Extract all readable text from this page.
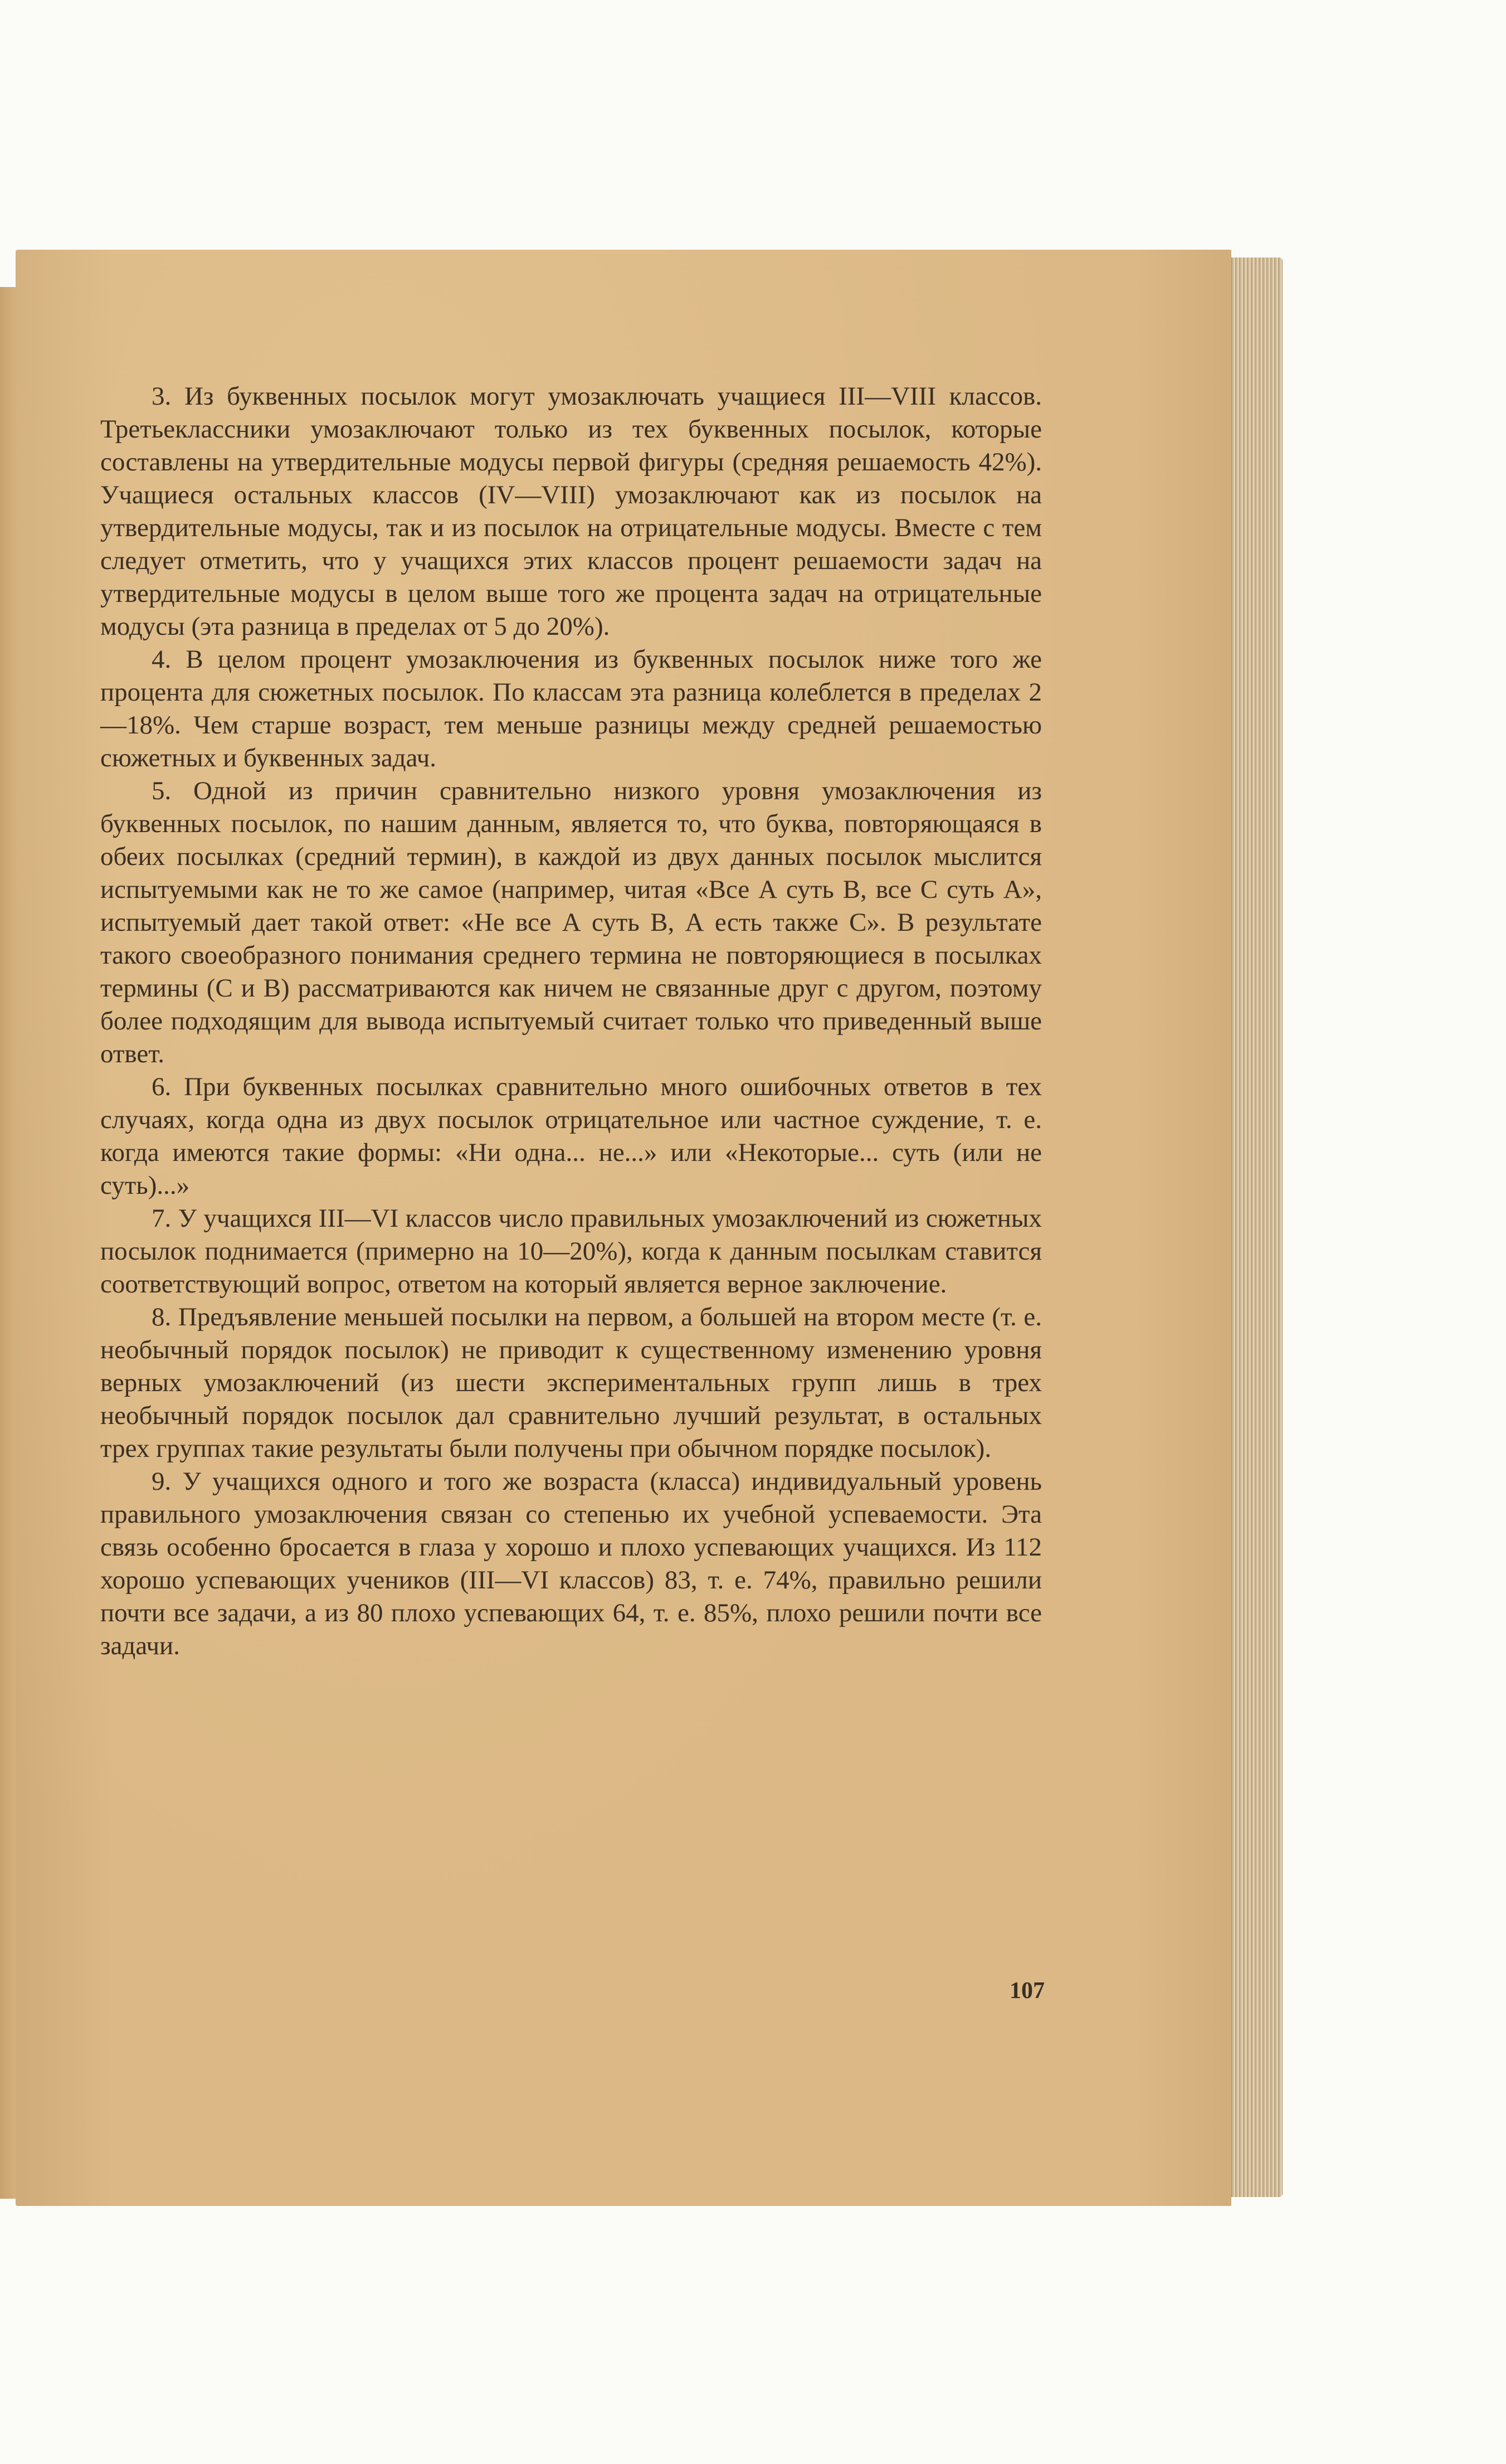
3. Из буквенных посылок могут умозаключать учащиеся III—VIII классов. Третьеклассники умозаключают только из тех буквенных посылок, которые составлены на утвердительные модусы первой фигуры (средняя решаемость 42%). Учащиеся остальных классов (IV—VIII) умозаключают как из посылок на утвердительные модусы, так и из посылок на отрицательные модусы. Вместе с тем следует отметить, что у учащихся этих классов процент решаемости задач на утвердительные модусы в целом выше того же процента задач на отрицательные модусы (эта разница в пределах от 5 до 20%).

4. В целом процент умозаключения из буквенных посылок ниже того же процента для сюжетных посылок. По классам эта разница колеблется в пределах 2—18%. Чем старше возраст, тем меньше разницы между средней решаемостью сюжетных и буквенных задач.

5. Одной из причин сравнительно низкого уровня умозаключения из буквенных посылок, по нашим данным, является то, что буква, повторяющаяся в обеих посылках (средний термин), в каждой из двух данных посылок мыслится испытуемыми как не то же самое (например, читая «Все А суть В, все С суть А», испытуемый дает такой ответ: «Не все А суть В, А есть также С». В результате такого своеобразного понимания среднего термина не повторяющиеся в посылках термины (С и В) рассматриваются как ничем не связанные друг с другом, поэтому более подходящим для вывода испытуемый считает только что приведенный выше ответ.

6. При буквенных посылках сравнительно много ошибочных ответов в тех случаях, когда одна из двух посылок отрицательное или частное суждение, т. е. когда имеются такие формы: «Ни одна... не...» или «Некоторые... суть (или не суть)...»

7. У учащихся III—VI классов число правильных умозаключений из сюжетных посылок поднимается (примерно на 10—20%), когда к данным посылкам ставится соответствующий вопрос, ответом на который является верное заключение.

8. Предъявление меньшей посылки на первом, а большей на втором месте (т. е. необычный порядок посылок) не приводит к существенному изменению уровня верных умозаключений (из шести экспериментальных групп лишь в трех необычный порядок посылок дал сравнительно лучший результат, в остальных трех группах такие результаты были получены при обычном порядке посылок).

9. У учащихся одного и того же возраста (класса) индивидуальный уровень правильного умозаключения связан со степенью их учебной успеваемости. Эта связь особенно бросается в глаза у хорошо и плохо успевающих учащихся. Из 112 хорошо успевающих учеников (III—VI классов) 83, т. е. 74%, правильно решили почти все задачи, а из 80 плохо успевающих 64, т. е. 85%, плохо решили почти все задачи.

107
